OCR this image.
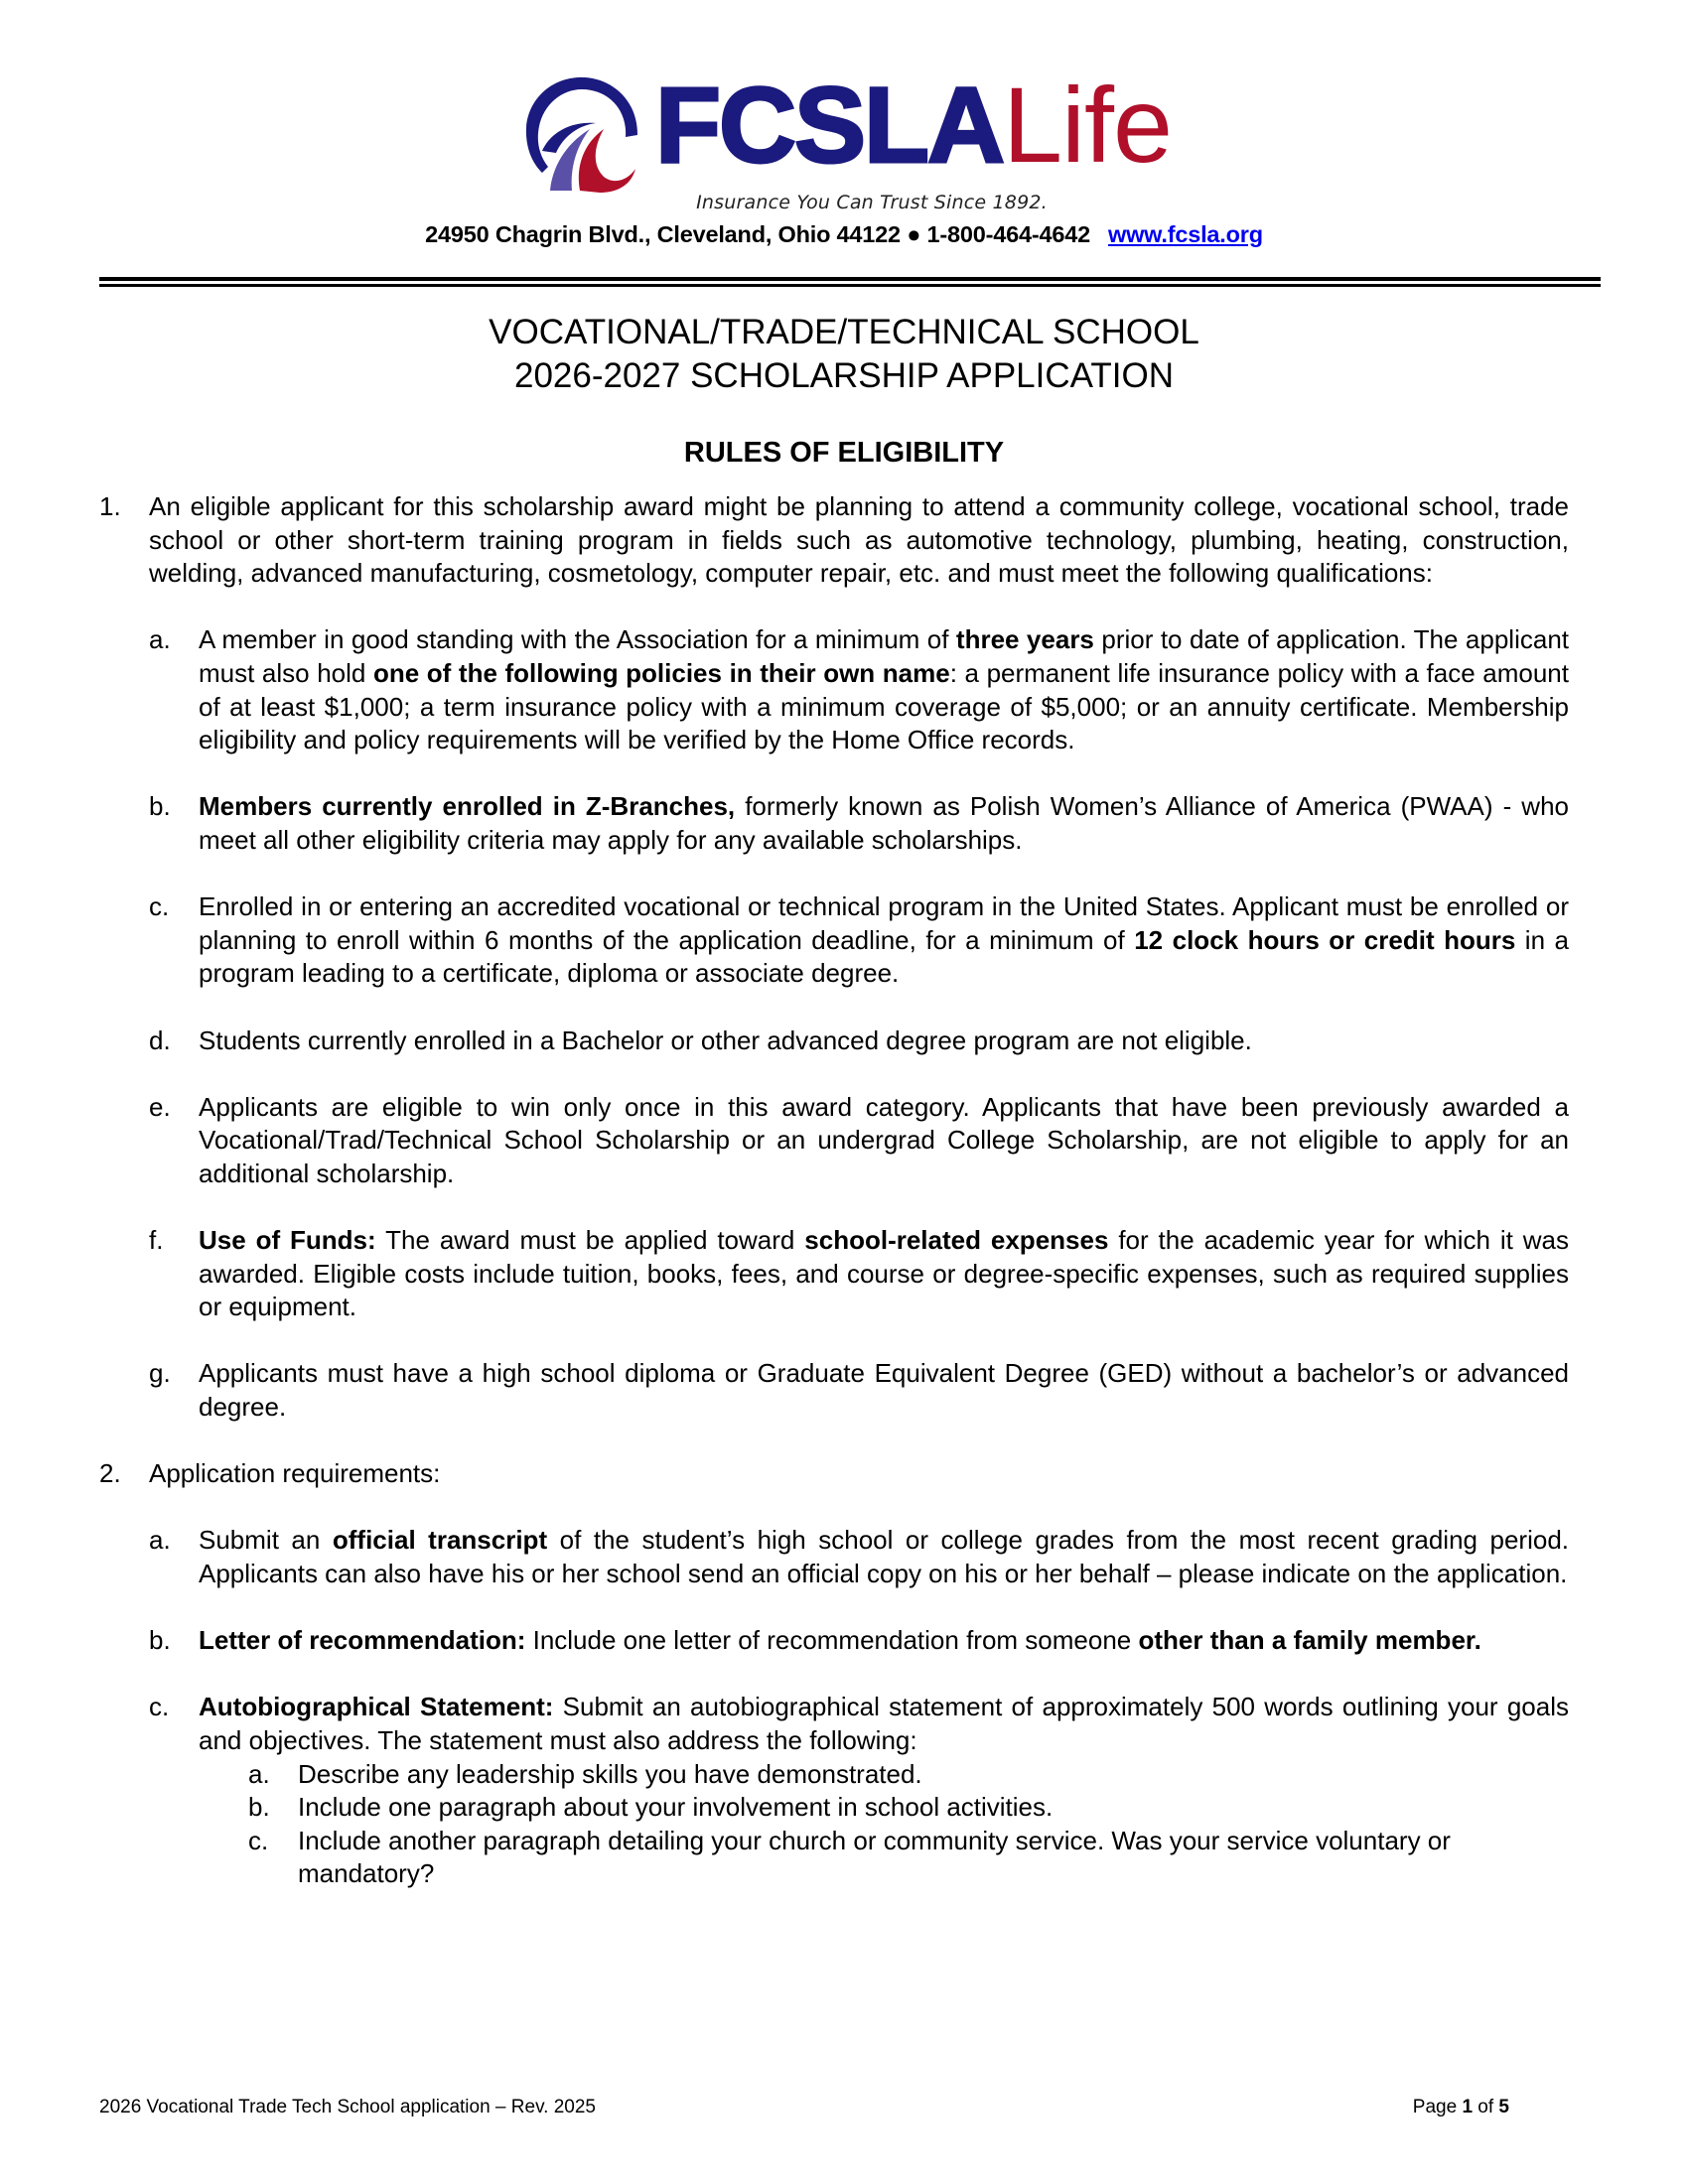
FCSLALife
Insurance You Can Trust Since 1892.
24950 Chagrin Blvd., Cleveland, Ohio 44122 ● 1-800-464-4642 www.fcsla.org
VOCATIONAL/TRADE/TECHNICAL SCHOOL
2026-2027 SCHOLARSHIP APPLICATION
RULES OF ELIGIBILITY
1. An eligible applicant for this scholarship award might be planning to attend a community college, vocational school, trade school or other short-term training program in fields such as automotive technology, plumbing, heating, construction, welding, advanced manufacturing, cosmetology, computer repair, etc. and must meet the following qualifications:
a. A member in good standing with the Association for a minimum of three years prior to date of application. The applicant must also hold one of the following policies in their own name: a permanent life insurance policy with a face amount of at least $1,000; a term insurance policy with a minimum coverage of $5,000; or an annuity certificate. Membership eligibility and policy requirements will be verified by the Home Office records.
b. Members currently enrolled in Z-Branches, formerly known as Polish Women’s Alliance of America (PWAA) - who meet all other eligibility criteria may apply for any available scholarships.
c. Enrolled in or entering an accredited vocational or technical program in the United States. Applicant must be enrolled or planning to enroll within 6 months of the application deadline, for a minimum of 12 clock hours or credit hours in a program leading to a certificate, diploma or associate degree.
d. Students currently enrolled in a Bachelor or other advanced degree program are not eligible.
e. Applicants are eligible to win only once in this award category. Applicants that have been previously awarded a Vocational/Trad/Technical School Scholarship or an undergrad College Scholarship, are not eligible to apply for an additional scholarship.
f. Use of Funds: The award must be applied toward school-related expenses for the academic year for which it was awarded. Eligible costs include tuition, books, fees, and course or degree-specific expenses, such as required supplies or equipment.
g. Applicants must have a high school diploma or Graduate Equivalent Degree (GED) without a bachelor’s or advanced degree.
2. Application requirements:
a. Submit an official transcript of the student’s high school or college grades from the most recent grading period. Applicants can also have his or her school send an official copy on his or her behalf – please indicate on the application.
b. Letter of recommendation: Include one letter of recommendation from someone other than a family member.
c. Autobiographical Statement: Submit an autobiographical statement of approximately 500 words outlining your goals and objectives. The statement must also address the following:
a. Describe any leadership skills you have demonstrated.
b. Include one paragraph about your involvement in school activities.
c. Include another paragraph detailing your church or community service. Was your service voluntary or mandatory?
2026 Vocational Trade Tech School application – Rev. 2025	Page 1 of 5
